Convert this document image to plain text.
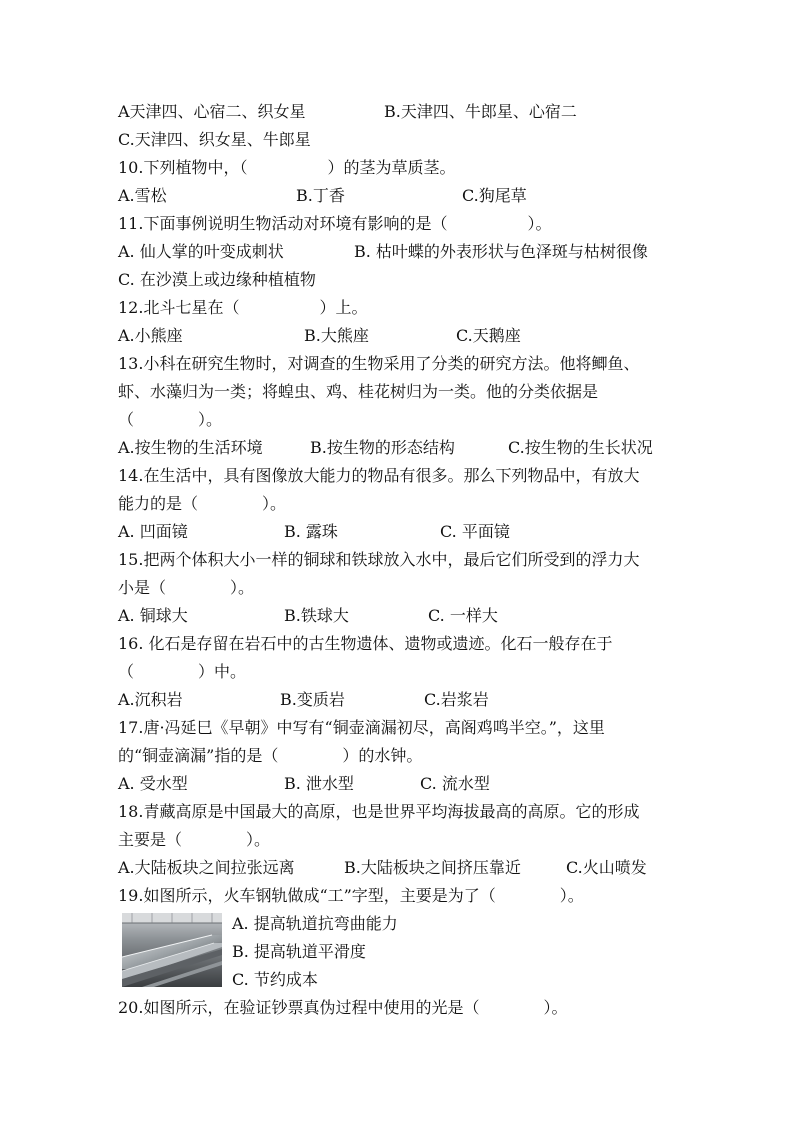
A天津四、心宿二、织女星	B.天津四、牛郎星、心宿二
C.天津四、织女星、牛郎星
10.下列植物中，（　　　　　）的茎为草质茎。
A.雪松	B.丁香	C.狗尾草
11.下面事例说明生物活动对环境有影响的是（　　　　　）。
A. 仙人掌的叶变成刺状	B. 枯叶蝶的外表形状与色泽斑与枯树很像
C. 在沙漠上或边缘种植植物
12.北斗七星在（　　　　　）上。
A.小熊座	B.大熊座	C.天鹅座
13.小科在研究生物时，对调查的生物采用了分类的研究方法。他将鲫鱼、
虾、水藻归为一类；将蝗虫、鸡、桂花树归为一类。他的分类依据是
（　　　　）。
A.按生物的生活环境	B.按生物的形态结构	C.按生物的生长状况
14.在生活中，具有图像放大能力的物品有很多。那么下列物品中，有放大
能力的是（　　　　）。
A. 凹面镜	B. 露珠	C. 平面镜
15.把两个体积大小一样的铜球和铁球放入水中，最后它们所受到的浮力大
小是（　　　　）。
A. 铜球大	B.铁球大	C. 一样大
16. 化石是存留在岩石中的古生物遗体、遗物或遗迹。化石一般存在于
（　　　　）中。
A.沉积岩	B.变质岩	C.岩浆岩
17.唐·冯延巳《早朝》中写有“铜壶滴漏初尽，高阁鸡鸣半空。”，这里
的“铜壶滴漏”指的是（　　　　）的水钟。
A. 受水型	B. 泄水型	C. 流水型
18.青藏高原是中国最大的高原，也是世界平均海拔最高的高原。它的形成
主要是（　　　　）。
A.大陆板块之间拉张远离	B.大陆板块之间挤压靠近	C.火山喷发
19.如图所示，火车钢轨做成“工”字型，主要是为了（　　　　）。
A. 提高轨道抗弯曲能力
B. 提高轨道平滑度
C. 节约成本
20.如图所示，在验证钞票真伪过程中使用的光是（　　　　）。
